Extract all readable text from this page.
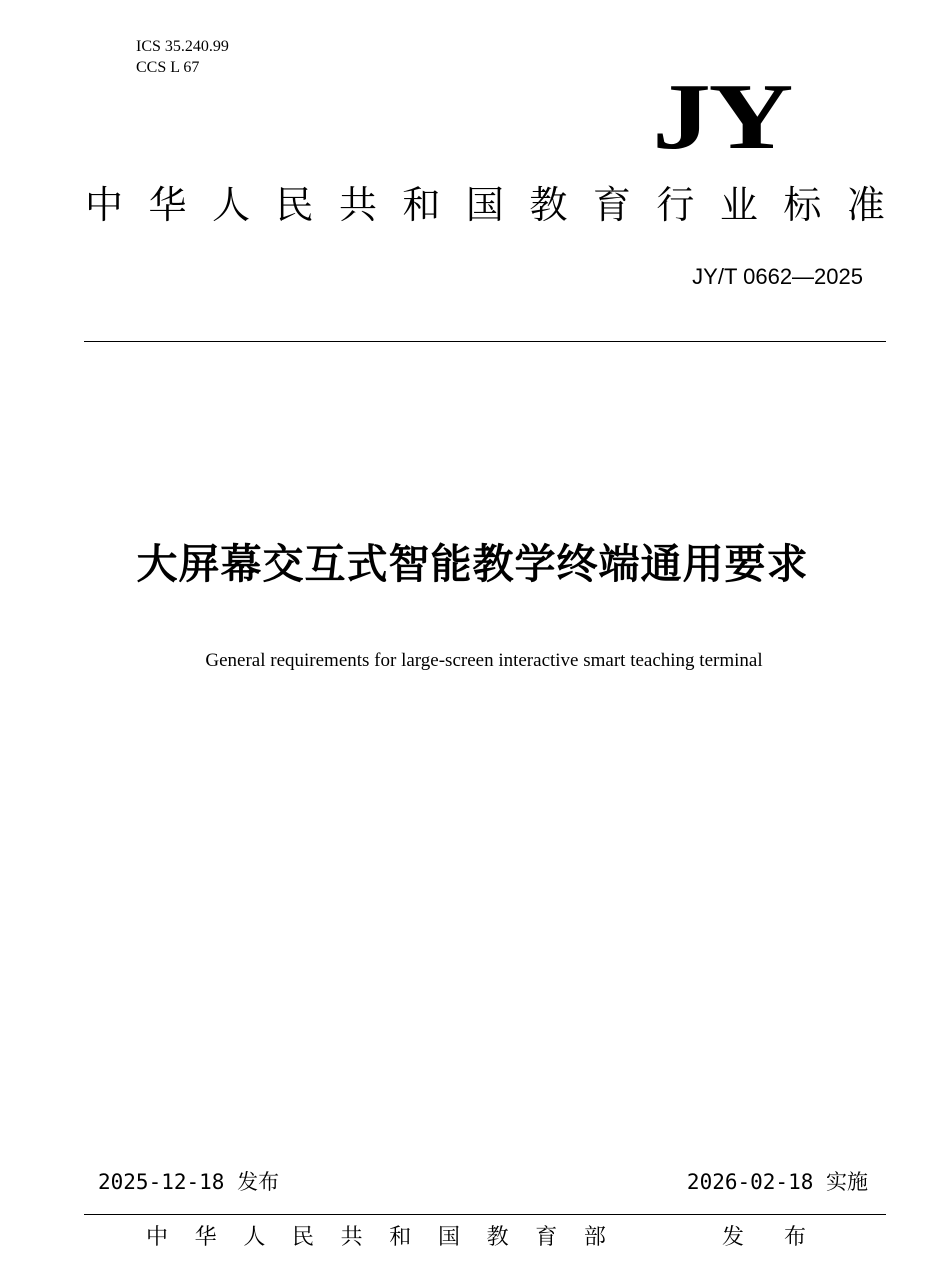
ICS 35.240.99

CCS L 67	JY
中 华 人 民 共 和 国 教 育 行 业 标 准
JY/T 0662—2025
大屏幕交互式智能教学终端通用要求

General requirements for large-screen interactive smart teaching terminal

2025-12-18 发布	2026-02-18 实施
中 华 人 民 共 和 国 教 育 部	发 布
